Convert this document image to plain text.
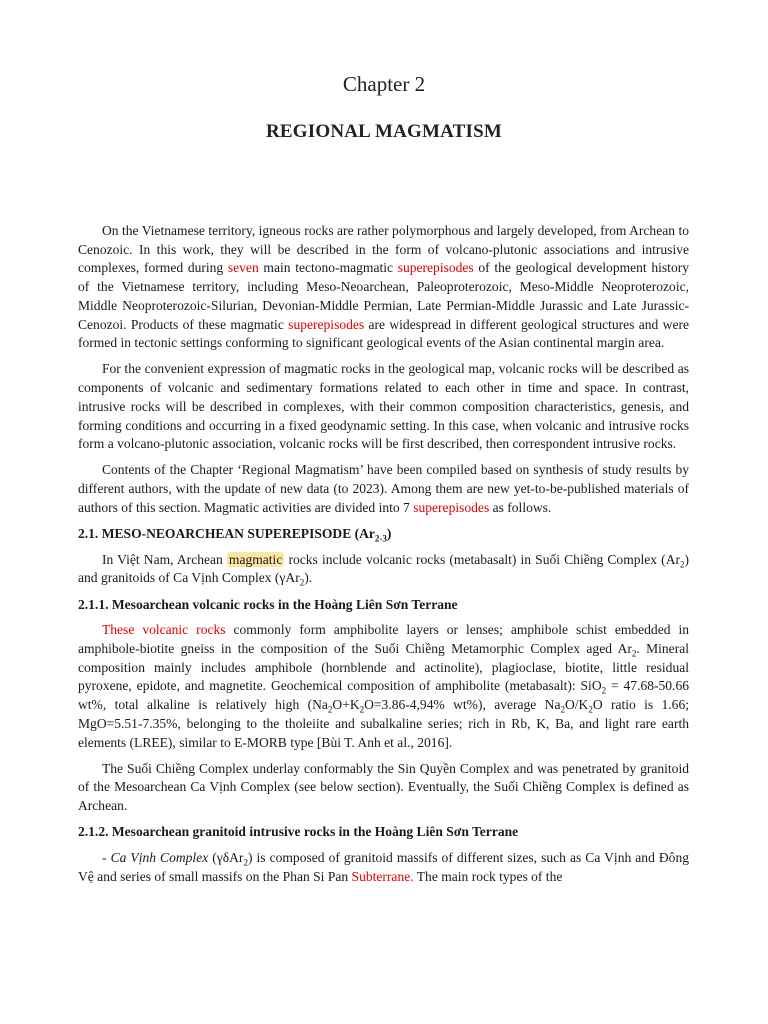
Chapter 2
REGIONAL MAGMATISM

On the Vietnamese territory, igneous rocks are rather polymorphous and largely developed, from Archean to Cenozoic. In this work, they will be described in the form of volcano-plutonic associations and intrusive complexes, formed during seven main tectono-magmatic superepisodes of the geological development history of the Vietnamese territory, including Meso-Neoarchean, Paleoproterozoic, Meso-Middle Neoproterozoic, Middle Neoproterozoic-Silurian, Devonian-Middle Permian, Late Permian-Middle Jurassic and Late Jurassic-Cenozoi. Products of these magmatic superepisodes are widespread in different geological structures and were formed in tectonic settings conforming to significant geological events of the Asian continental margin area.

For the convenient expression of magmatic rocks in the geological map, volcanic rocks will be described as components of volcanic and sedimentary formations related to each other in time and space. In contrast, intrusive rocks will be described in complexes, with their common composition characteristics, genesis, and forming conditions and occurring in a fixed geodynamic setting. In this case, when volcanic and intrusive rocks form a volcano-plutonic association, volcanic rocks will be first described, then correspondent intrusive rocks.

Contents of the Chapter ‘Regional Magmatism’ have been compiled based on synthesis of study results by different authors, with the update of new data (to 2023). Among them are new yet-to-be-published materials of authors of this section. Magmatic activities are divided into 7 superepisodes as follows.

2.1. MESO-NEOARCHEAN SUPEREPISODE $(Ar_{2-3})$

In Việt Nam, Archean magmatic rocks include volcanic rocks (metabasalt) in Suối Chiềng Complex $(Ar_2)$ and granitoids of Ca Vịnh Complex (γAr$_2$).

2.1.1. Mesoarchean volcanic rocks in the Hoàng Liên Sơn Terrane

These volcanic rocks commonly form amphibolite layers or lenses; amphibole schist embedded in amphibole-biotite gneiss in the composition of the Suối Chiềng Metamorphic Complex aged $Ar_2$. Mineral composition mainly includes amphibole (hornblende and actinolite), plagioclase, biotite, little residual pyroxene, epidote, and magnetite. Geochemical composition of amphibolite (metabasalt): SiO$_2$ = 47.68-50.66 wt%, total alkaline is relatively high ($Na_2O+K_2O=3.86-4,94\%$ wt%), average $Na_2O/K_2O$ ratio is 1.66; MgO=5.51-7.35%, belonging to the tholeiite and subalkaline series; rich in Rb, K, Ba, and light rare earth elements (LREE), similar to E-MORB type [Bùi T. Anh et al., 2016].

The Suối Chiềng Complex underlay conformably the Sin Quyền Complex and was penetrated by granitoid of the Mesoarchean Ca Vịnh Complex (see below section). Eventually, the Suối Chiềng Complex is defined as Archean.

2.1.2. Mesoarchean granitoid intrusive rocks in the Hoàng Liên Sơn Terrane

- Ca Vịnh Complex (γδAr$_2$) is composed of granitoid massifs of different sizes, such as Ca Vịnh and Đông Vệ and series of small massifs on the Phan Si Pan Subterrane. The main rock types of the
